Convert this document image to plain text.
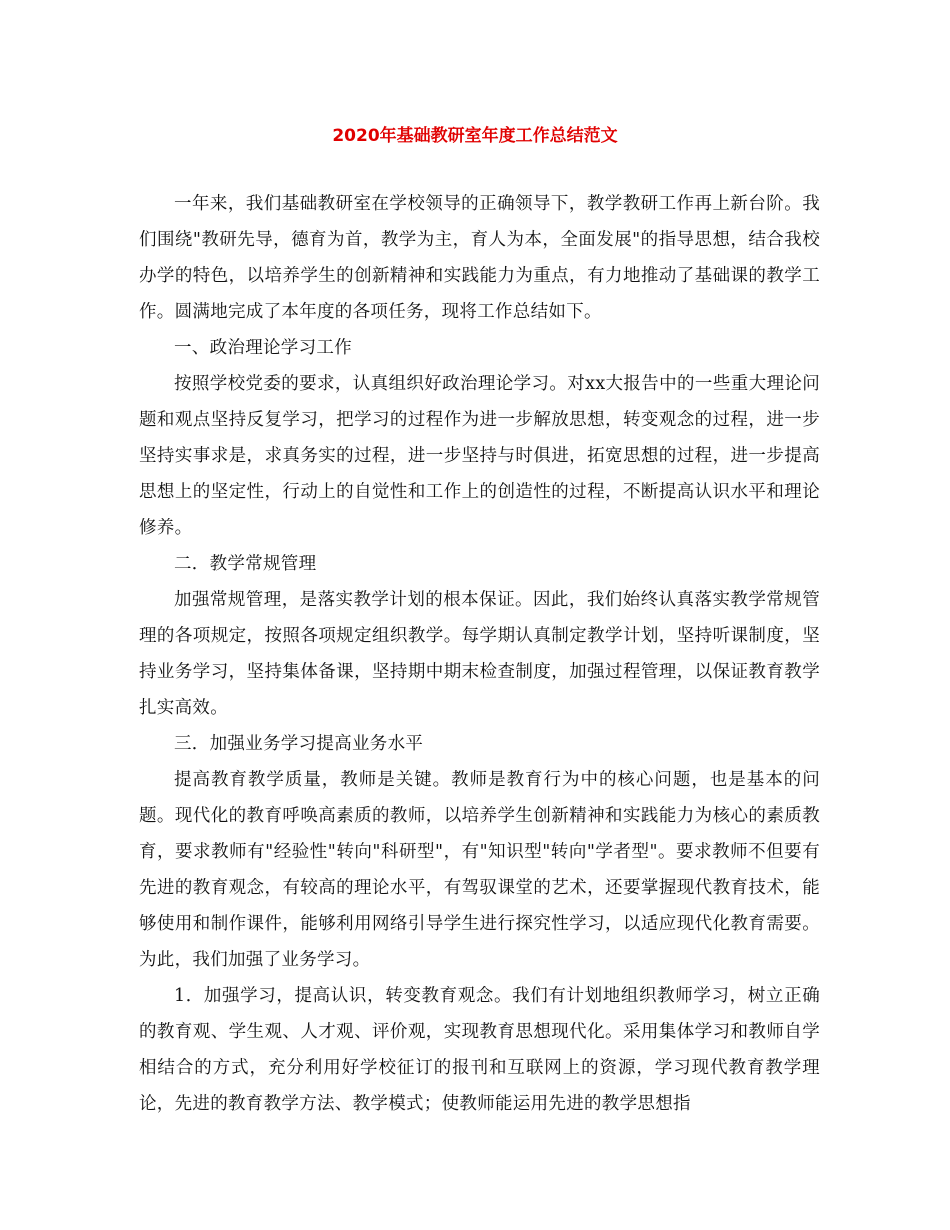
2020年基础教研室年度工作总结范文

一年来，我们基础教研室在学校领导的正确领导下，教学教研工作再上新台阶。我们围绕"教研先导，德育为首，教学为主，育人为本，全面发展"的指导思想，结合我校办学的特色，以培养学生的创新精神和实践能力为重点，有力地推动了基础课的教学工作。圆满地完成了本年度的各项任务，现将工作总结如下。

一、政治理论学习工作

按照学校党委的要求，认真组织好政治理论学习。对xx大报告中的一些重大理论问题和观点坚持反复学习，把学习的过程作为进一步解放思想，转变观念的过程，进一步坚持实事求是，求真务实的过程，进一步坚持与时俱进，拓宽思想的过程，进一步提高思想上的坚定性，行动上的自觉性和工作上的创造性的过程，不断提高认识水平和理论修养。

二．教学常规管理

加强常规管理，是落实教学计划的根本保证。因此，我们始终认真落实教学常规管理的各项规定，按照各项规定组织教学。每学期认真制定教学计划，坚持听课制度，坚持业务学习，坚持集体备课，坚持期中期末检查制度，加强过程管理，以保证教育教学扎实高效。

三．加强业务学习提高业务水平

提高教育教学质量，教师是关键。教师是教育行为中的核心问题，也是基本的问题。现代化的教育呼唤高素质的教师，以培养学生创新精神和实践能力为核心的素质教育，要求教师有"经验性"转向"科研型"，有"知识型"转向"学者型"。要求教师不但要有先进的教育观念，有较高的理论水平，有驾驭课堂的艺术，还要掌握现代教育技术，能够使用和制作课件，能够利用网络引导学生进行探究性学习，以适应现代化教育需要。为此，我们加强了业务学习。

1．加强学习，提高认识，转变教育观念。我们有计划地组织教师学习，树立正确的教育观、学生观、人才观、评价观，实现教育思想现代化。采用集体学习和教师自学相结合的方式，充分利用好学校征订的报刊和互联网上的资源，学习现代教育教学理论，先进的教育教学方法、教学模式；使教师能运用先进的教学思想指
